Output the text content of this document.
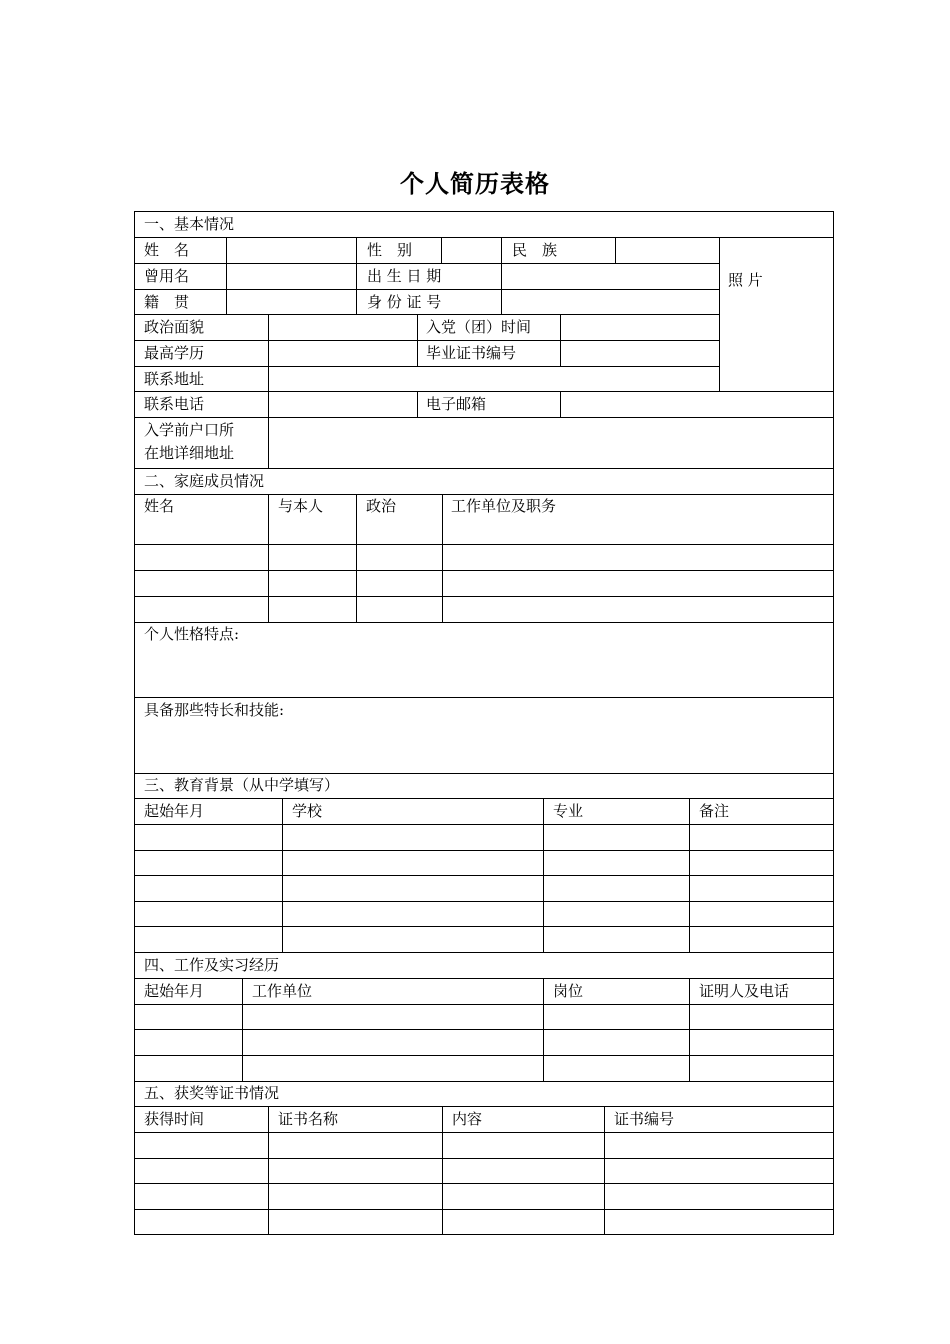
个人简历表格
一、基本情况
姓　名	性　别	民　族
曾用名	出 生 日 期
籍　贯	身 份 证 号
照 片
政治面貌	入党（团）时间
最高学历	毕业证书编号
联系地址
联系电话	电子邮箱
入学前户口所
在地详细地址
二、家庭成员情况
姓名	与本人	政治	工作单位及职务
个人性格特点:
具备那些特长和技能:
三、教育背景（从中学填写）
起始年月	学校	专业	备注
四、工作及实习经历
起始年月	工作单位	岗位	证明人及电话
五、获奖等证书情况
获得时间	证书名称	内容	证书编号
